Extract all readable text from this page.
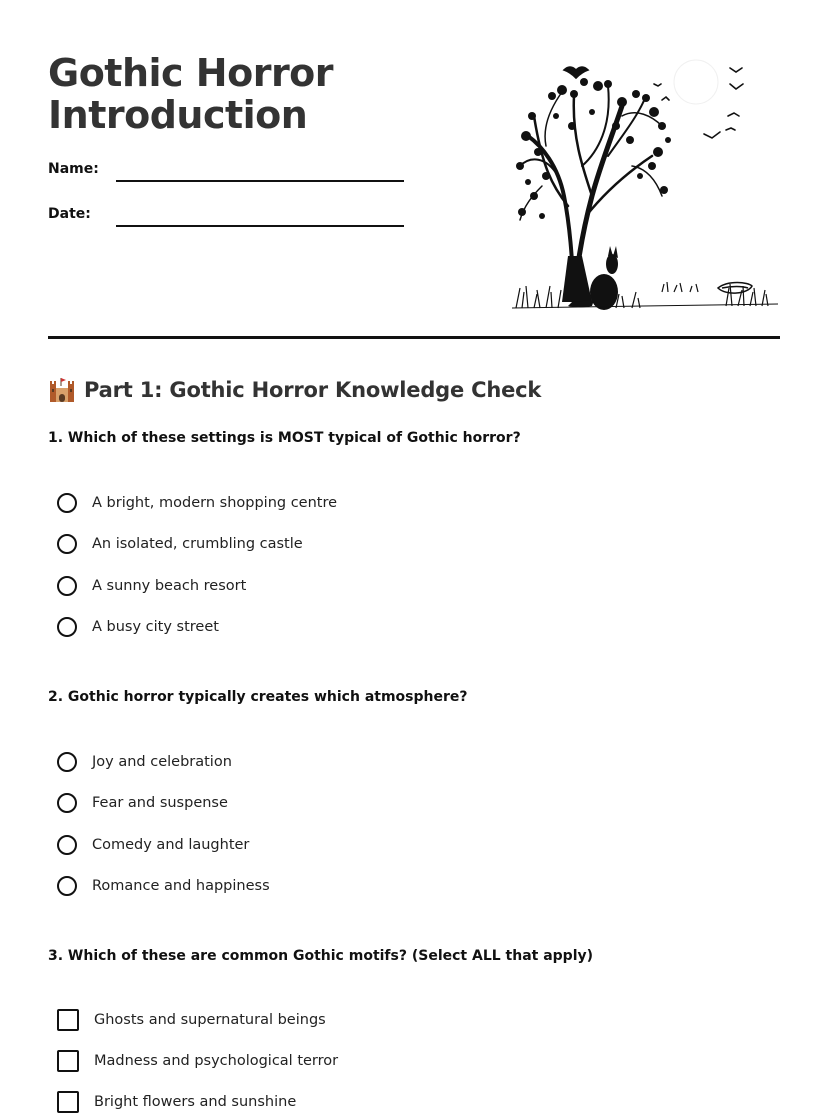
Gothic Horror
Introduction
Name:
Date:
Part 1: Gothic Horror Knowledge Check
1. Which of these settings is MOST typical of Gothic horror?
A bright, modern shopping centre
An isolated, crumbling castle
A sunny beach resort
A busy city street
2. Gothic horror typically creates which atmosphere?
Joy and celebration
Fear and suspense
Comedy and laughter
Romance and happiness
3. Which of these are common Gothic motifs? (Select ALL that apply)
Ghosts and supernatural beings
Madness and psychological terror
Bright flowers and sunshine
